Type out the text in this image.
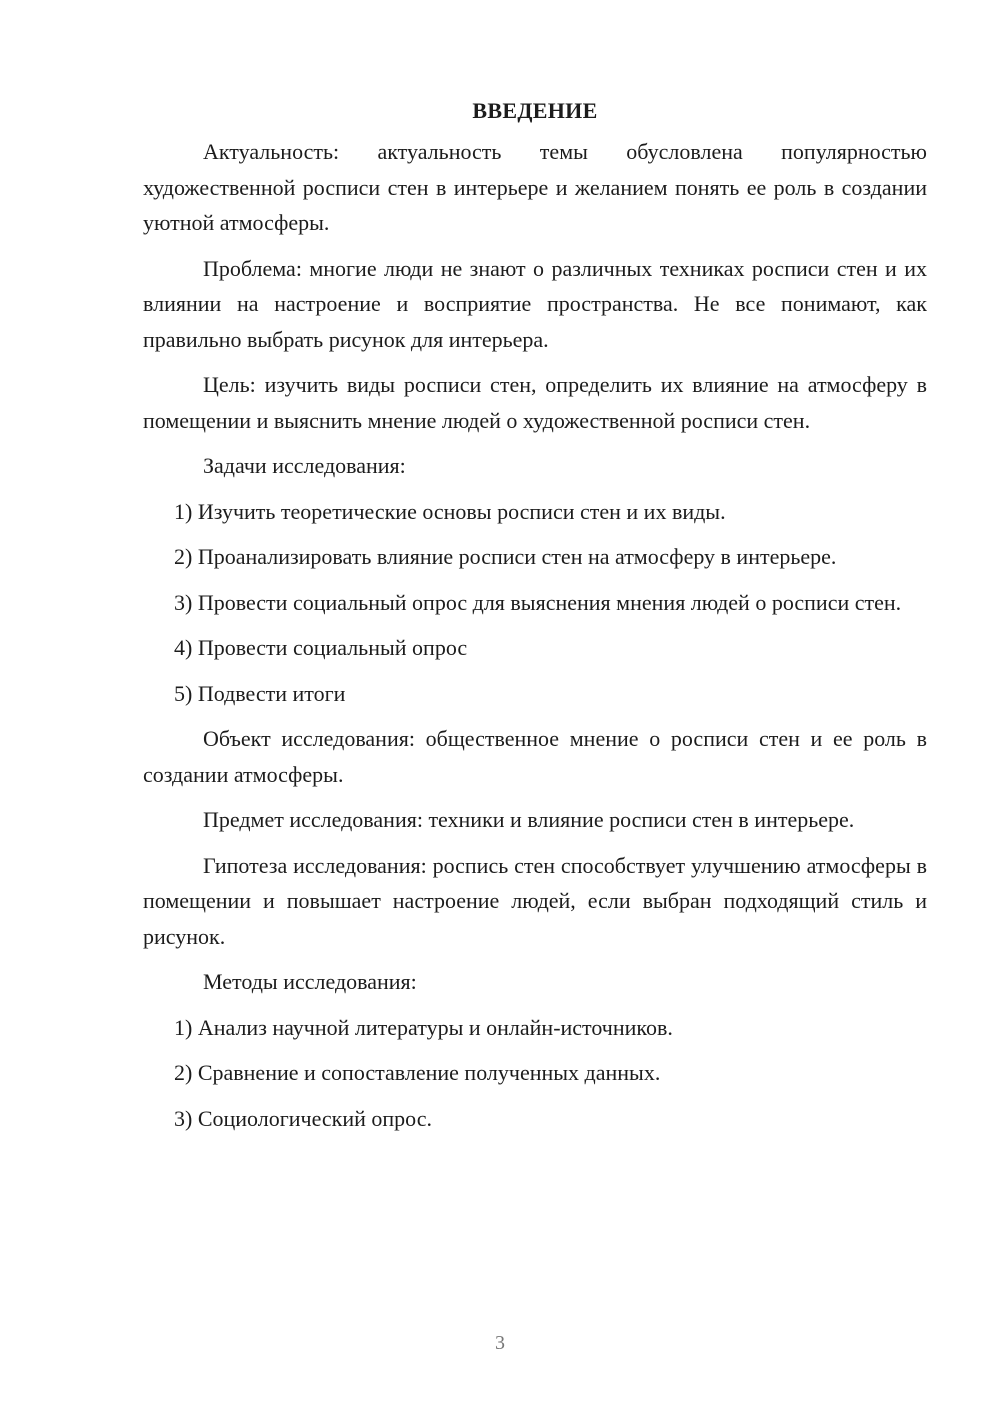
ВВЕДЕНИЕ

Актуальность: актуальность темы обусловлена популярностью художественной росписи стен в интерьере и желанием понять ее роль в создании уютной атмосферы.

Проблема: многие люди не знают о различных техниках росписи стен и их влиянии на настроение и восприятие пространства. Не все понимают, как правильно выбрать рисунок для интерьера.

Цель: изучить виды росписи стен, определить их влияние на атмосферу в помещении и выяснить мнение людей о художественной росписи стен.

Задачи исследования:

1) Изучить теоретические основы росписи стен и их виды.

2) Проанализировать влияние росписи стен на атмосферу в интерьере.

3) Провести социальный опрос для выяснения мнения людей о росписи стен.

4) Провести социальный опрос

5) Подвести итоги

Объект исследования: общественное мнение о росписи стен и ее роль в создании атмосферы.

Предмет исследования: техники и влияние росписи стен в интерьере.

Гипотеза исследования: роспись стен способствует улучшению атмосферы в помещении и повышает настроение людей, если выбран подходящий стиль и рисунок.

Методы исследования:

1) Анализ научной литературы и онлайн-источников.

2) Сравнение и сопоставление полученных данных.

3) Социологический опрос.

3
